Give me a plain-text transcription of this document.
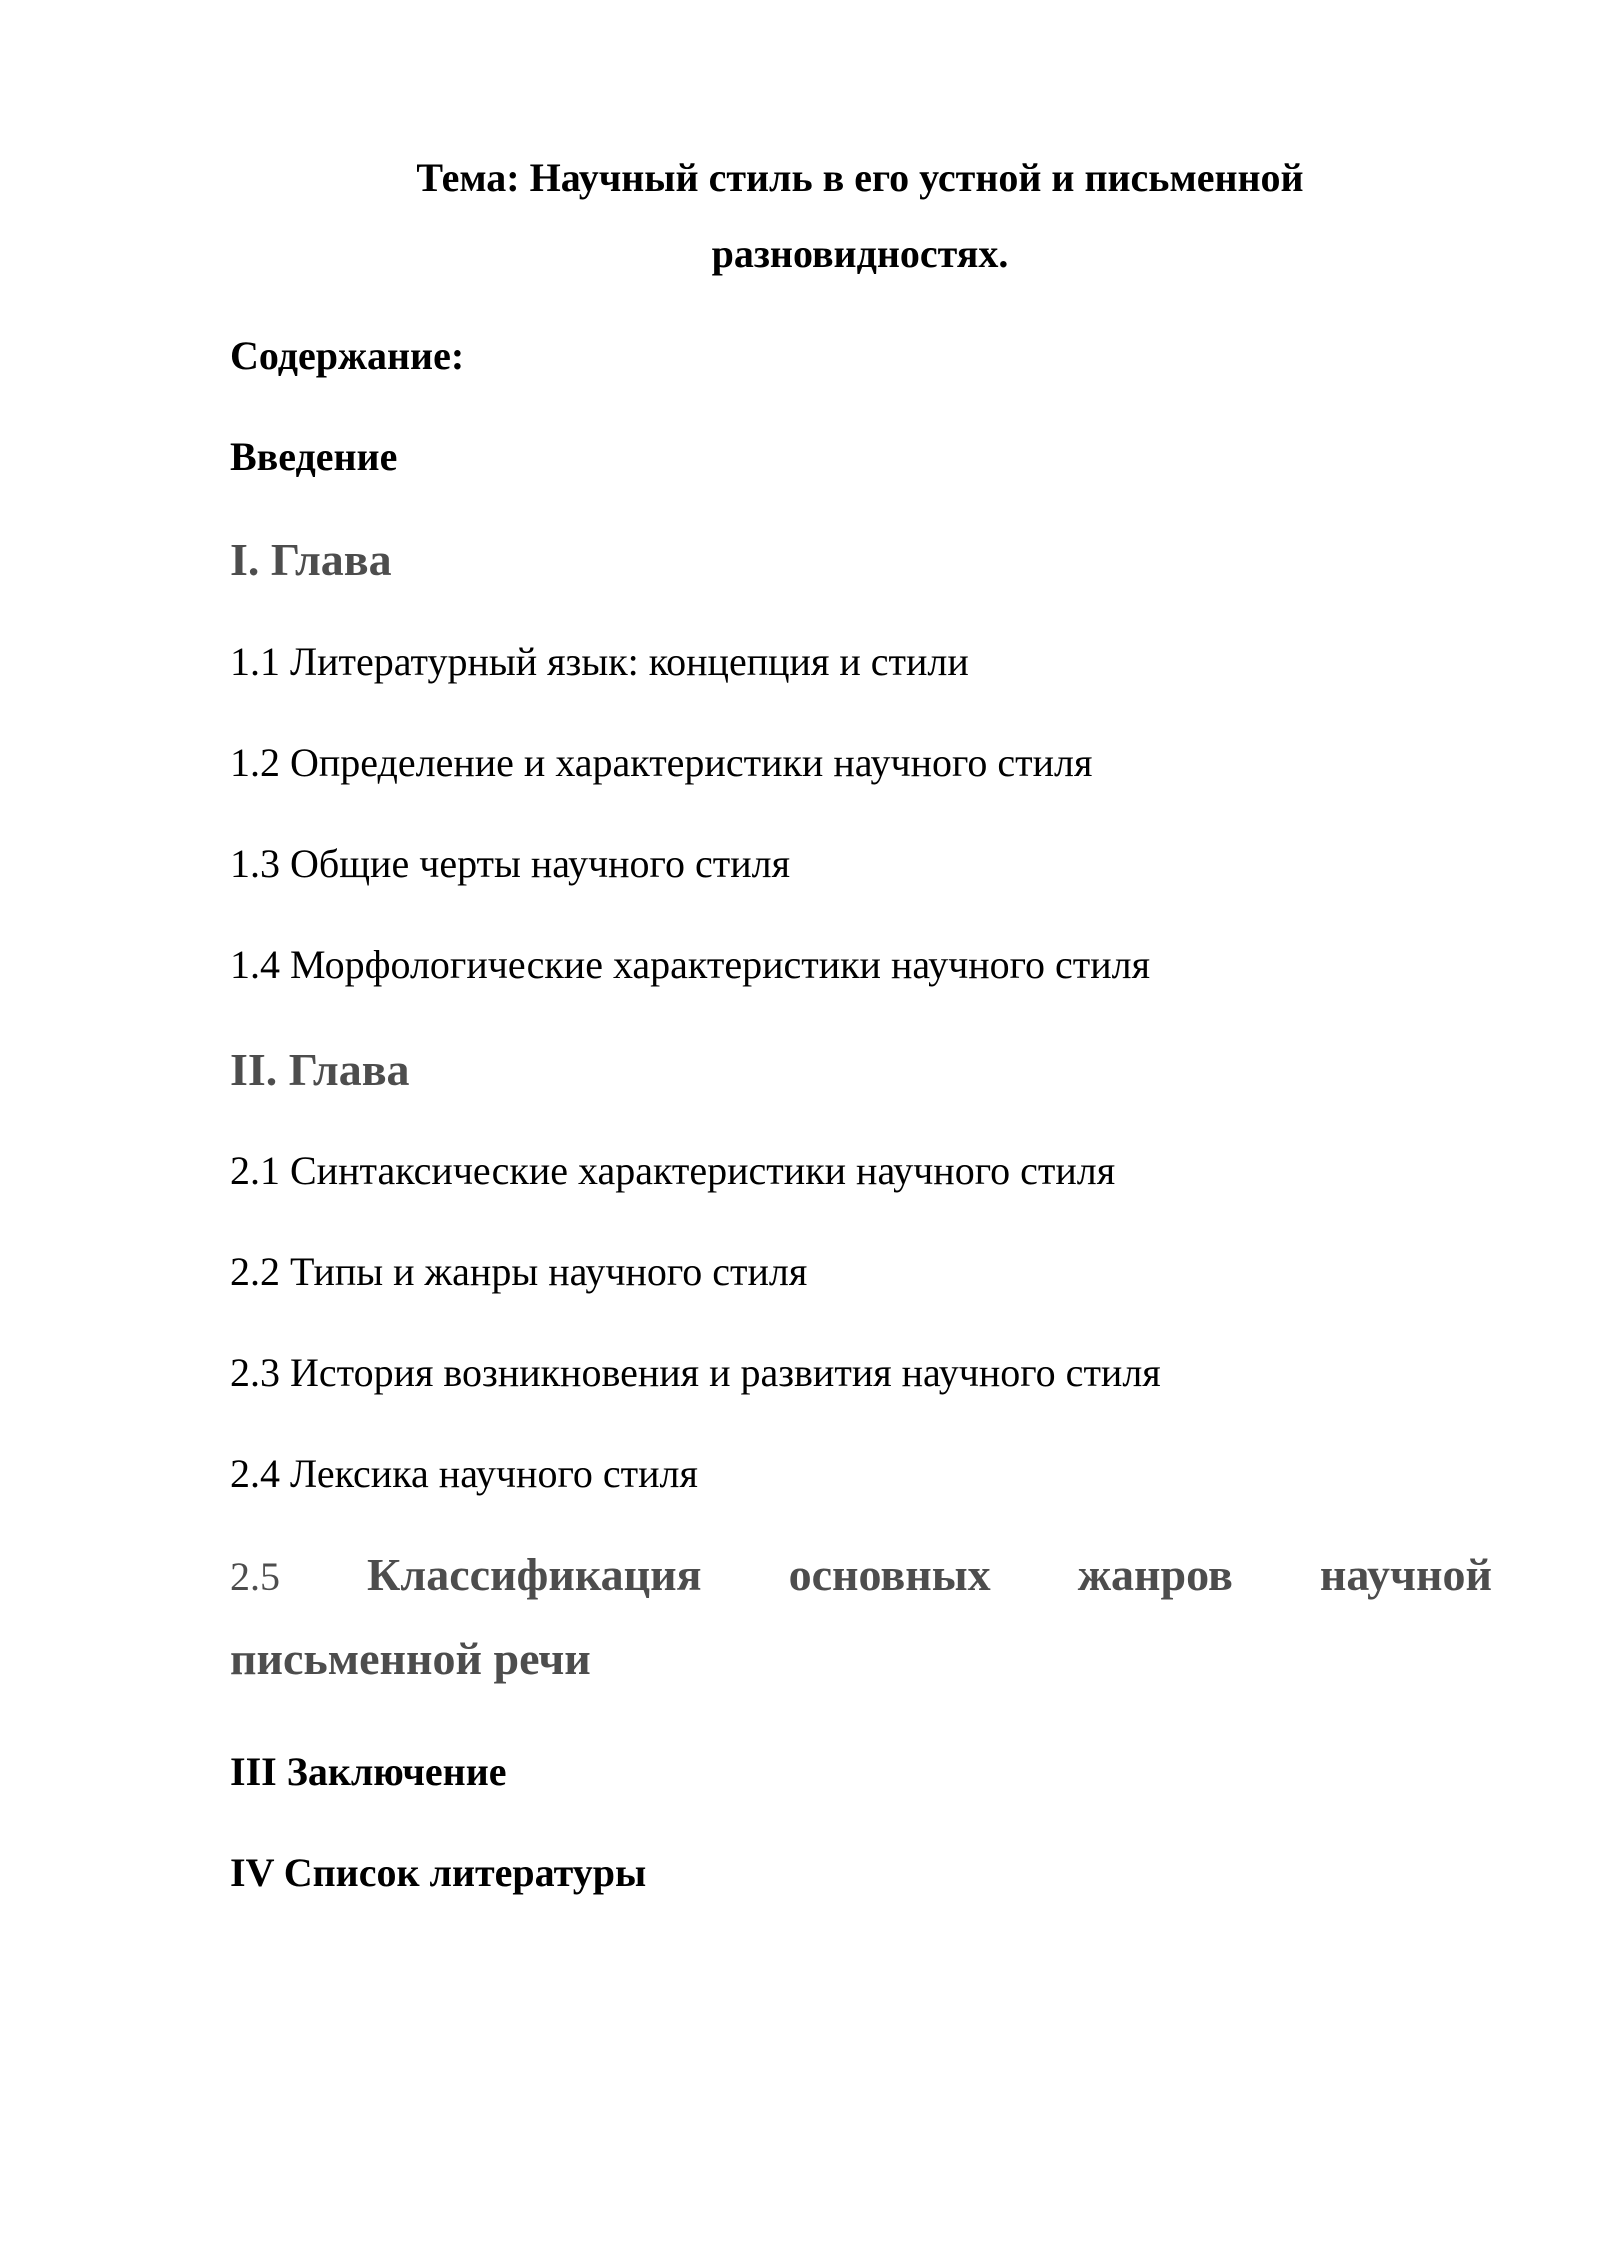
Тема: Научный стиль в его устной и письменной

разновидностях.

Содержание:

Введение

I. Глава

1.1 Литературный язык: концепция и стили

1.2 Определение и характеристики научного стиля

1.3 Общие черты научного стиля

1.4 Морфологические характеристики научного стиля

II. Глава

2.1 Синтаксические характеристики научного стиля

2.2 Типы и жанры научного стиля

2.3 История возникновения и развития научного стиля

2.4 Лексика научного стиля

2.5 Классификация основных жанров научной

письменной речи

III Заключение

IV Список литературы
